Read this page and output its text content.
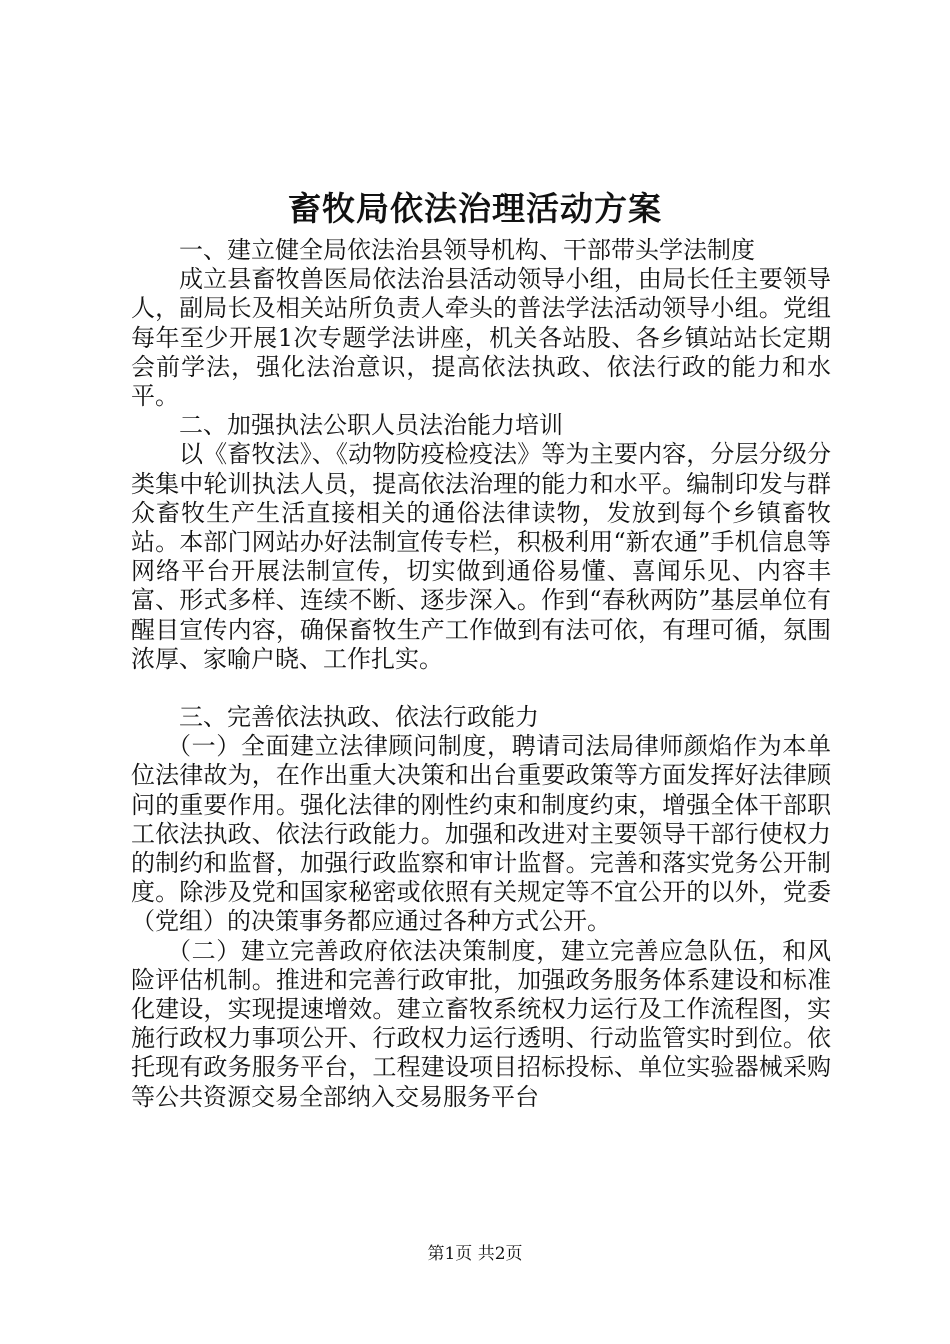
畜牧局依法治理活动方案

一、建立健全局依法治县领导机构、干部带头学法制度

成立县畜牧兽医局依法治县活动领导小组，由局长任主要领导人，副局长及相关站所负责人牵头的普法学法活动领导小组。党组每年至少开展1次专题学法讲座，机关各站股、各乡镇站站长定期会前学法，强化法治意识，提高依法执政、依法行政的能力和水平。

二、加强执法公职人员法治能力培训

以《畜牧法》、《动物防疫检疫法》等为主要内容，分层分级分类集中轮训执法人员，提高依法治理的能力和水平。编制印发与群众畜牧生产生活直接相关的通俗法律读物，发放到每个乡镇畜牧站。本部门网站办好法制宣传专栏，积极利用“新农通”手机信息等网络平台开展法制宣传，切实做到通俗易懂、喜闻乐见、内容丰富、形式多样、连续不断、逐步深入。作到“春秋两防”基层单位有醒目宣传内容，确保畜牧生产工作做到有法可依，有理可循，氛围浓厚、家喻户晓、工作扎实。

三、完善依法执政、依法行政能力

（一）全面建立法律顾问制度，聘请司法局律师颜焰作为本单位法律故为，在作出重大决策和出台重要政策等方面发挥好法律顾问的重要作用。强化法律的刚性约束和制度约束，增强全体干部职工依法执政、依法行政能力。加强和改进对主要领导干部行使权力的制约和监督，加强行政监察和审计监督。完善和落实党务公开制度。除涉及党和国家秘密或依照有关规定等不宜公开的以外，党委（党组）的决策事务都应通过各种方式公开。

（二）建立完善政府依法决策制度，建立完善应急队伍，和风险评估机制。推进和完善行政审批，加强政务服务体系建设和标准化建设，实现提速增效。建立畜牧系统权力运行及工作流程图，实施行政权力事项公开、行政权力运行透明、行动监管实时到位。依托现有政务服务平台，工程建设项目招标投标、单位实验器械采购等公共资源交易全部纳入交易服务平台

第1页 共2页
